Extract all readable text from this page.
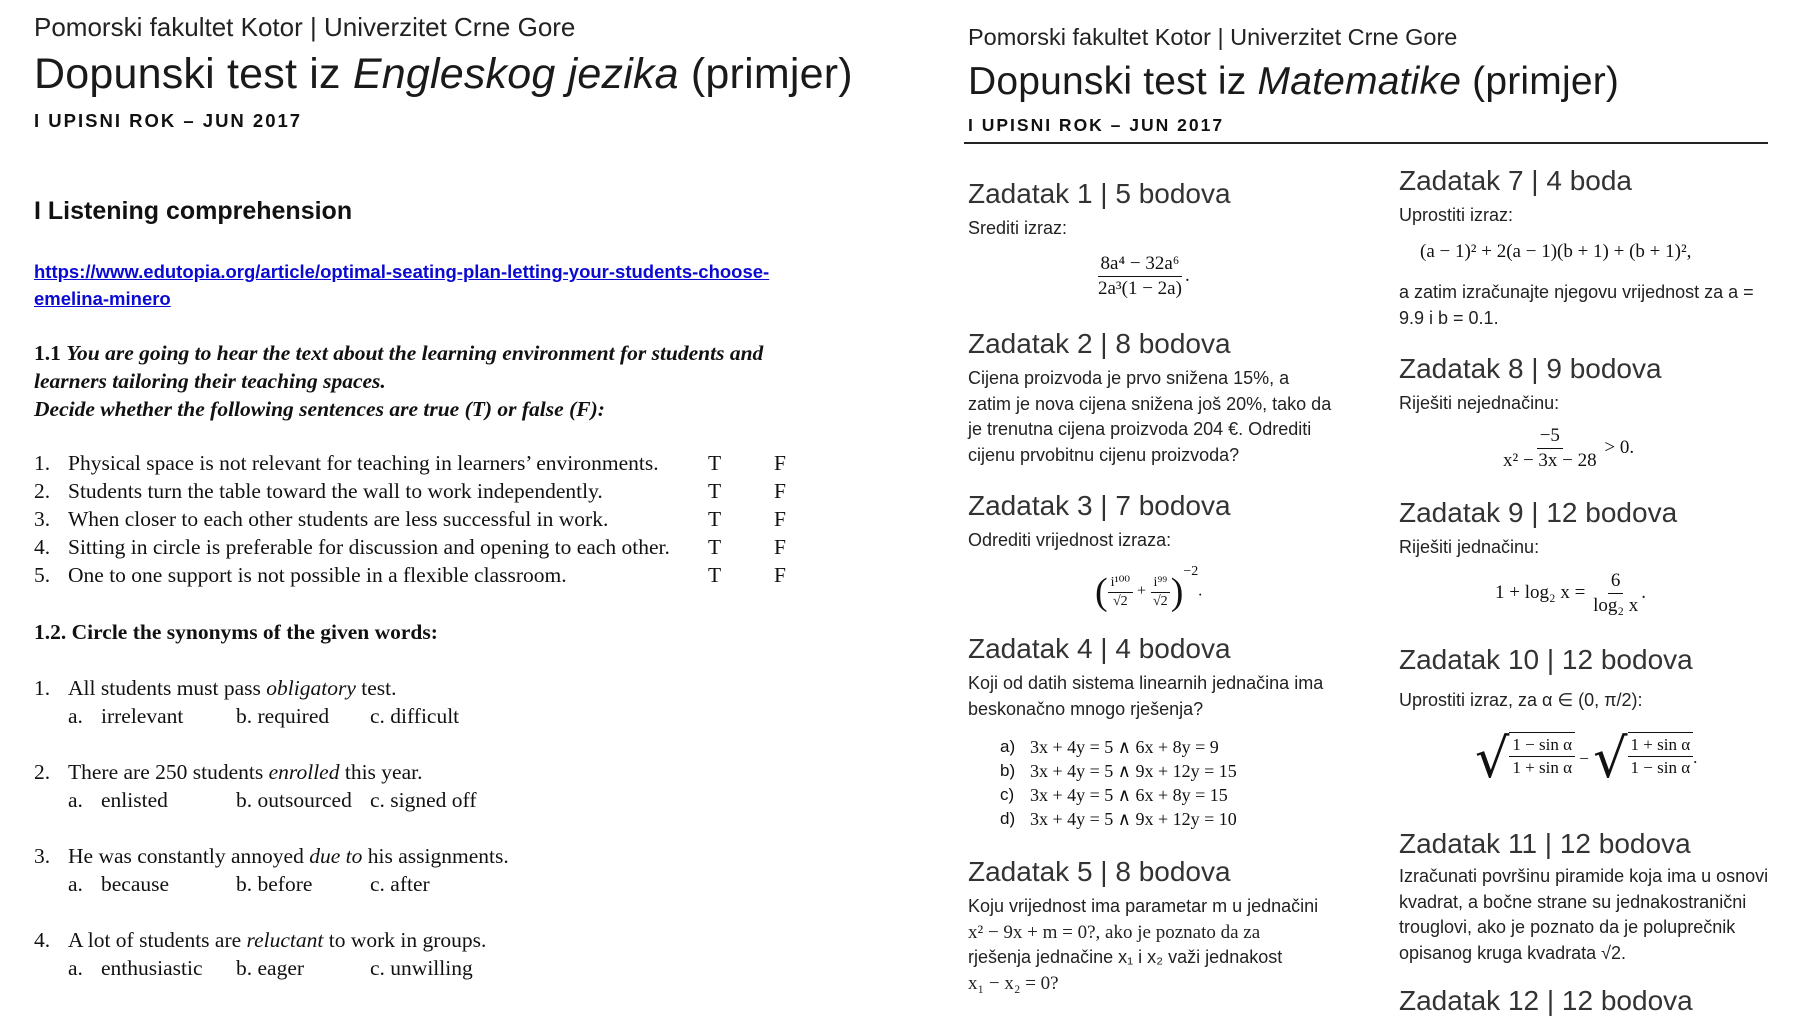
Pomorski fakultet Kotor | Univerzitet Crne Gore
Dopunski test iz Engleskog jezika (primjer)
I UPISNI ROK – JUN 2017
I Listening comprehension
https://www.edutopia.org/article/optimal-seating-plan-letting-your-students-choose-
emelina-minero
1.1 You are going to hear the text about the learning environment for students and
learners tailoring their teaching spaces.
Decide whether the following sentences are true (T) or false (F):
1. Physical space is not relevant for teaching in learners’ environments. T F
2. Students turn the table toward the wall to work independently.	T F
3. When closer to each other students are less successful in work.	T F
4. Sitting in circle is preferable for discussion and opening to each other. T F
5. One to one support is not possible in a flexible classroom.	T F
1.2. Circle the synonyms of the given words:
1. All students must pass obligatory test.
a. irrelevant b. required c. difficult
2. There are 250 students enrolled this year.
a. enlisted	b. outsourced c. signed off
3. He was constantly annoyed due to his assignments.
a. because	b. before	c. after
4. A lot of students are reluctant to work in groups.
a. enthusiastic b. eager	c. unwilling
Pomorski fakultet Kotor | Univerzitet Crne Gore
Dopunski test iz Matematike (primjer)
I UPISNI ROK – JUN 2017
Zadatak 1 | 5 bodova
Srediti izraz:
$\frac{\text{8a⁴ − 32a⁶}}{\text{2a³(1 − 2a)}}$ .
Zadatak 2 | 8 bodova
Cijena proizvoda je prvo snižena 15%, a
zatim je nova cijena snižena još 20%, tako da
je trenutna cijena proizvoda 204 €. Odrediti
cijenu prvobitnu cijenu proizvoda?
Zadatak 3 | 7 bodova
Odrediti vrijednost izraza:
( $\frac{\text{i¹⁰⁰}}{√2} + \frac{\text{i⁹⁹}}{√2} )^{-2}$.
Zadatak 4 | 4 bodova
Koji od datih sistema linearnih jednačina ima
beskonačno mnogo rješenja?
a) 3x + 4y = 5 ∧ 6x + 8y = 9
b) 3x + 4y = 5 ∧ 9x + 12y = 15
c) 3x + 4y = 5 ∧ 6x + 8y = 15
d) 3x + 4y = 5 ∧ 9x + 12y = 10
Zadatak 5 | 8 bodova
Koju vrijednost ima parametar m u jednačini
x² − 9x + m = 0?, ako je poznato da za
rješenja jednačine x₁ i x₂ važi jednakost
x₁ − x₂ = 0?
Zadatak 7 | 4 boda
Uprostiti izraz:
(a − 1)² + 2(a − 1)(b + 1) + (b + 1)²,
a zatim izračunajte njegovu vrijednost za a =
9.9 i b = 0.1.
Zadatak 8 | 9 bodova
Riješiti nejednačinu:
$\frac{-5}{\text{x² − 3x − 28}} > 0$.
Zadatak 9 | 12 bodova
Riješiti jednačinu:
1 + log₂ $x = \frac{6}{\text{log₂ x}}$ .
Zadatak 10 | 12 bodova
Uprostiti izraz, za α ∈ (0, π/2):
√ $\frac{\text{1 − sin α}}{\text{1 + sin α}}$ − √ $\frac{\text{1 + sin α}}{\text{1 − sin α}}$ .
Zadatak 11 | 12 bodova
Izračunati površinu piramide koja ima u osnovi
kvadrat, a bočne strane su jednakostranični
trouglovi, ako je poznato da je poluprečnik
opisanog kruga kvadrata √2.
Zadatak 12 | 12 bodova
